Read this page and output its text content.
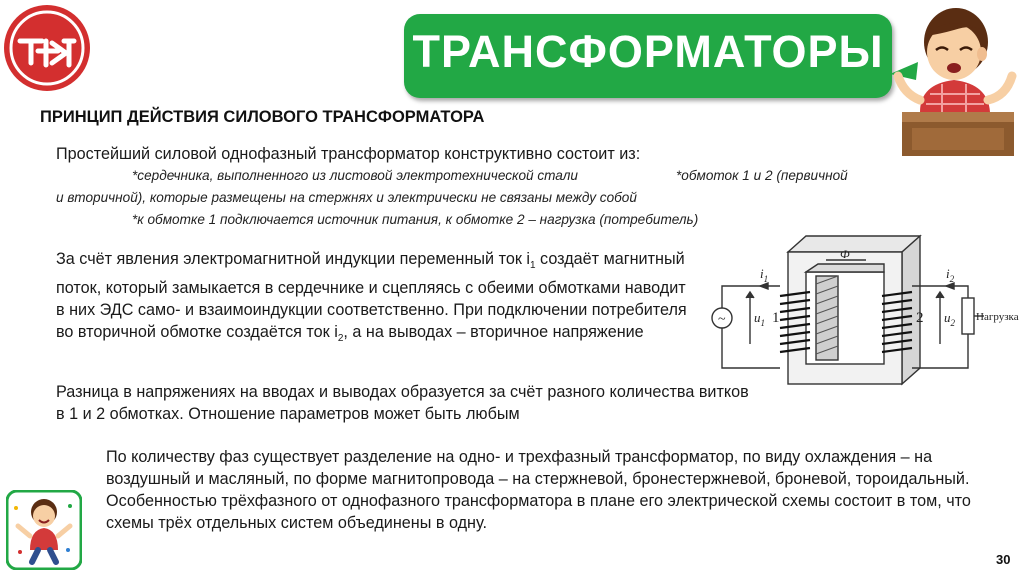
ТРАНСФОРМАТОРЫ
ПРИНЦИП ДЕЙСТВИЯ СИЛОВОГО ТРАНСФОРМАТОРА
Простейший силовой однофазный трансформатор конструктивно состоит из:
*сердечника, выполненного из листовой электротехнической стали	*обмоток 1 и 2 (первичной
и вторичной), которые размещены на стержнях и электрически не связаны между собой
*к обмотке 1 подключается источник питания, к обмотке 2 – нагрузка (потребитель)
За счёт явления электромагнитной индукции переменный ток $i_1$ создаёт магнитный поток, который замыкается в сердечнике и сцепляясь с обеими обмотками наводит в них ЭДС само- и взаимоиндукции соответственно. При подключении потребителя во вторичной обмотке создаётся ток $i_2$, а на выводах – вторичное напряжение
Разница в напряжениях на вводах и выводах образуется за счёт разного количества витков в 1 и 2 обмотках. Отношение параметров может быть любым
По количеству фаз существует разделение на одно- и трехфазный трансформатор, по виду охлаждения – на воздушный и масляный, по форме магнитопровода – на стержневой, бронестержневой, броневой, тороидальный. Особенностью трёхфазного от однофазного трансформатора в плане его электрической схемы состоит в том, что схемы трёх отдельных систем объединены в одну.
~
Ф
$i_1$	$i_2$
$u_1$	$u_2$
1	2	Нагрузка
30
